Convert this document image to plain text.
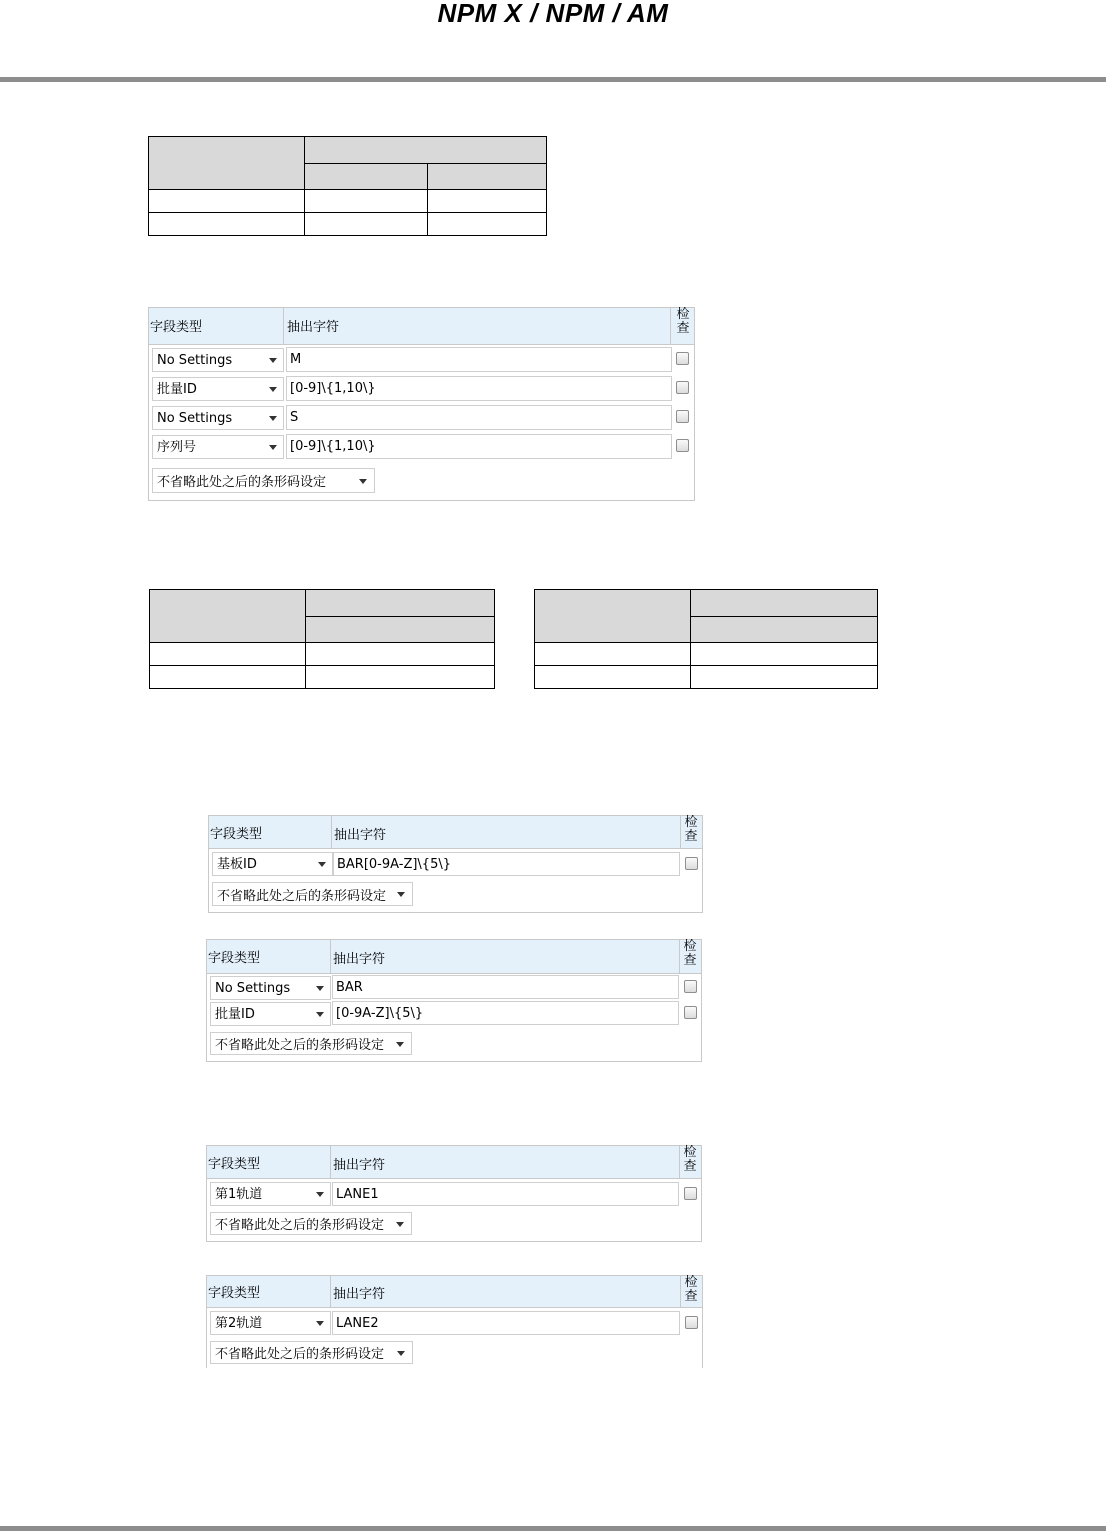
NPM X / NPM / AM

字段类型	抽出字符
检查
No Settings	M
批量ID	[0-9]\{1,10\}
No Settings	S
序列号	[0-9]\{1,10\}
不省略此处之后的条形码设定

字段类型	抽出字符
检查
基板ID	BAR[0-9A-Z]\{5\}
不省略此处之后的条形码设定
字段类型	抽出字符
检查
No Settings	BAR
批量ID	[0-9A-Z]\{5\}
不省略此处之后的条形码设定
字段类型	抽出字符
检查
第1轨道	LANE1
不省略此处之后的条形码设定
字段类型	抽出字符
检查
第2轨道	LANE2
不省略此处之后的条形码设定
